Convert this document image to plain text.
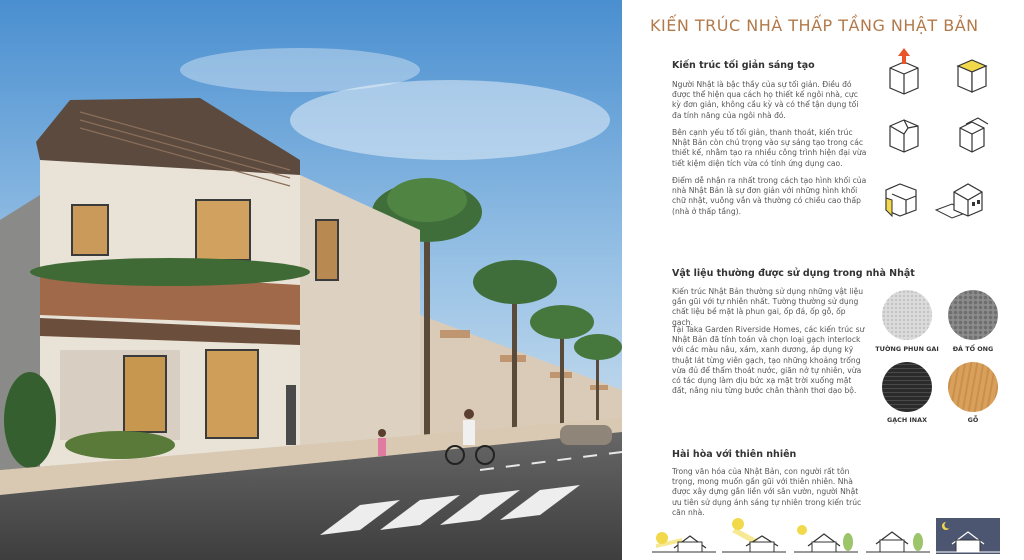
KIẾN TRÚC NHÀ THẤP TẦNG NHẬT BẢN
Kiến trúc tối giản sáng tạo

Người Nhật là bậc thầy của sự tối giản. Điều đó được thể hiện qua cách họ thiết kế ngôi nhà, cực kỳ đơn giản, không cầu kỳ và có thể tận dụng tối đa tính năng của ngôi nhà đó.

Bên cạnh yếu tố tối giản, thanh thoát, kiến trúc Nhật Bản còn chú trọng vào sự sáng tạo trong các thiết kế, nhằm tạo ra nhiều công trình hiện đại vừa tiết kiệm diện tích vừa có tính ứng dụng cao.

Điểm dễ nhận ra nhất trong cách tạo hình khối của nhà Nhật Bản là sự đơn giản với những hình khối chữ nhật, vuông vắn và thường có chiều cao thấp (nhà ở thấp tầng).

Vật liệu thường được sử dụng trong nhà Nhật

Kiến trúc Nhật Bản thường sử dụng những vật liệu gần gũi với tự nhiên nhất. Tường thường sử dụng chất liệu bề mặt là phun gai, ốp đá, ốp gỗ, ốp gạch.

Tại Taka Garden Riverside Homes, các kiến trúc sư Nhật Bản đã tính toán và chọn loại gạch interlock với các màu nâu, xám, xanh dương, áp dụng kỹ thuật lát từng viên gạch, tạo những khoảng trống vừa đủ để thẩm thoát nước, giãn nở tự nhiên, vừa có tác dụng làm dịu bức xạ mặt trời xuống mặt đất, nâng niu từng bước chân thành thơi dạo bộ.

TƯỜNG PHUN GAI	ĐÁ TỔ ONG
GẠCH INAX	GỖ
Hài hòa với thiên nhiên

Trong văn hóa của Nhật Bản, con người rất tôn trọng, mong muốn gần gũi với thiên nhiên. Nhà được xây dựng gắn liền với sân vườn, người Nhật ưu tiên sử dụng ánh sáng tự nhiên trong kiến trúc căn nhà.
